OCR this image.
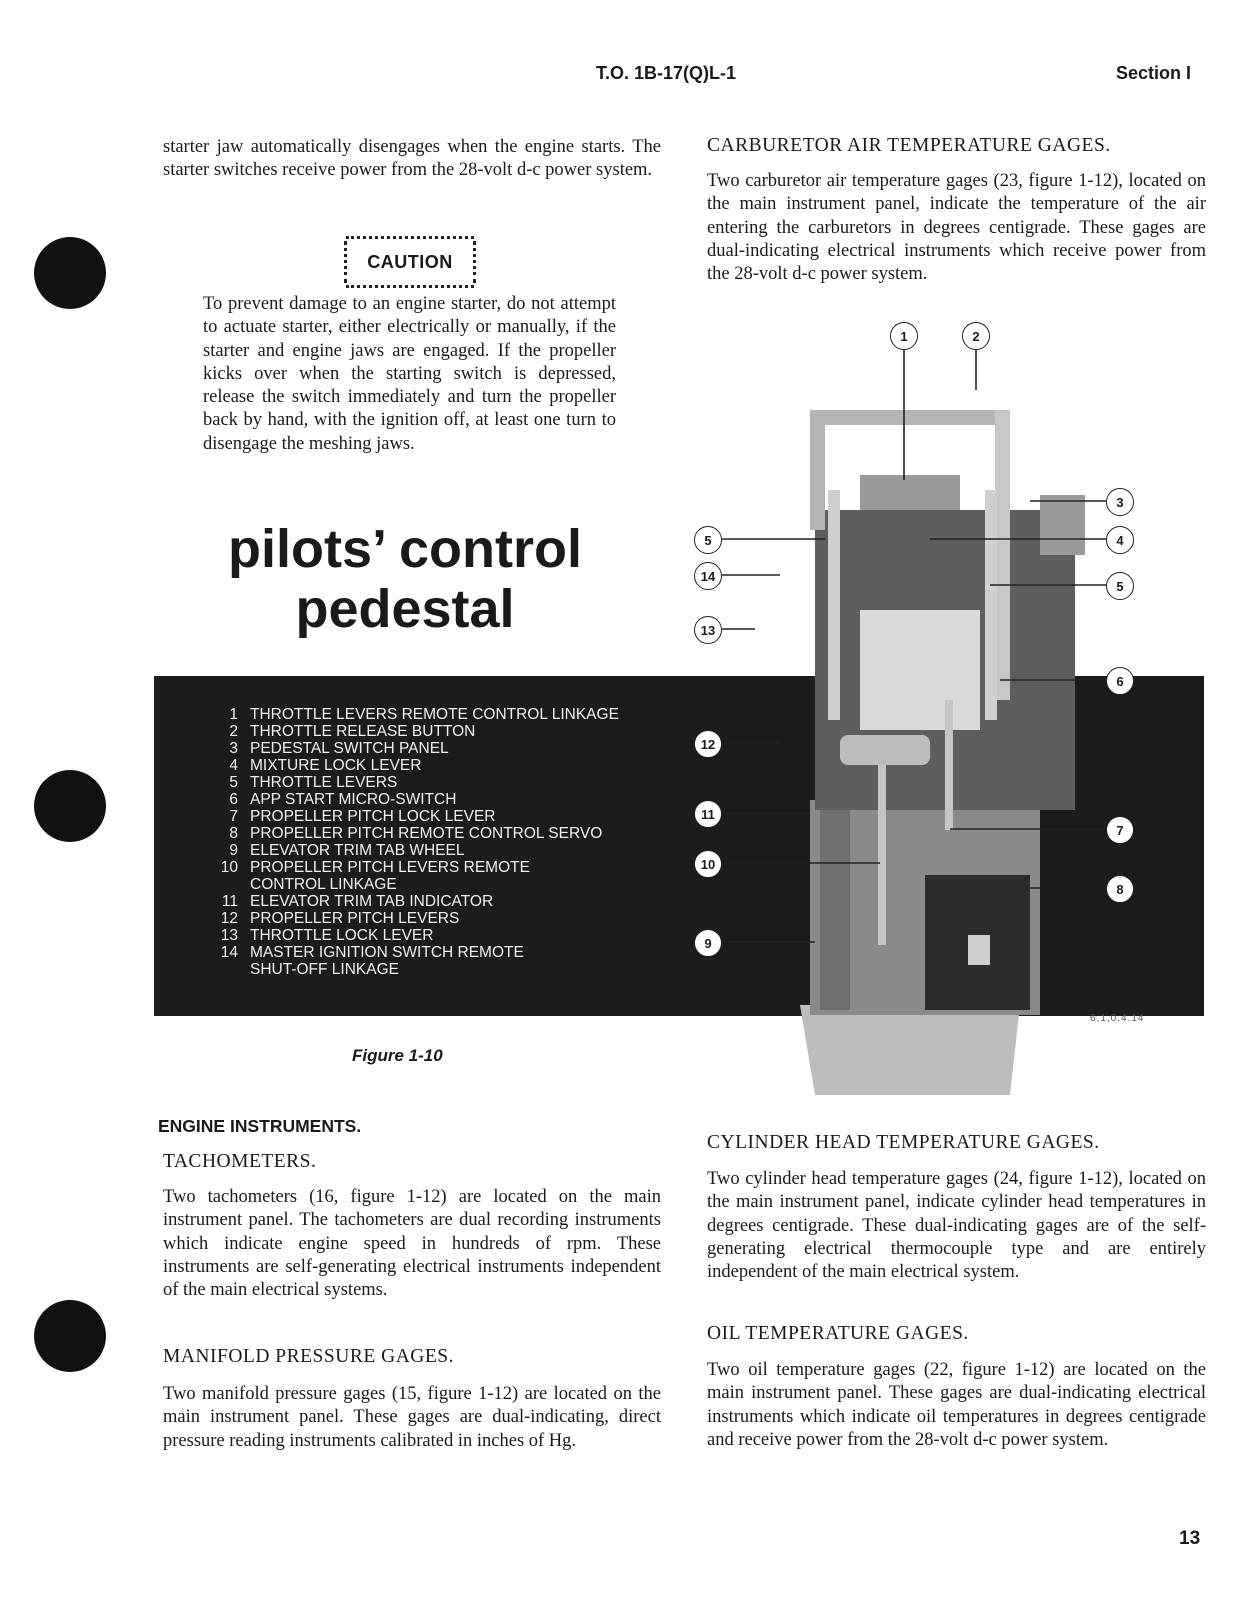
T.O. 1B-17(Q)L-1	Section I
starter jaw automatically disengages when the engine starts. The starter switches receive power from the 28-volt d-c power system.
CAUTION
To prevent damage to an engine starter, do not attempt to actuate starter, either electrically or manually, if the starter and engine jaws are engaged. If the propeller kicks over when the starting switch is depressed, release the switch immediately and turn the propeller back by hand, with the ignition off, at least one turn to disengage the meshing jaws.
pilots’ control
pedestal
CARBURETOR AIR TEMPERATURE GAGES.
Two carburetor air temperature gages (23, figure 1-12), located on the main instrument panel, indicate the temperature of the air entering the carburetors in degrees centigrade. These gages are dual-indicating electrical instruments which receive power from the 28-volt d-c power system.
1	2
3
4
5
5
14
13
6
12
7
11
10
8
9
1 THROTTLE LEVERS REMOTE CONTROL LINKAGE
2 THROTTLE RELEASE BUTTON
3 PEDESTAL SWITCH PANEL
4 MIXTURE LOCK LEVER
5 THROTTLE LEVERS
6 APP START MICRO-SWITCH
7 PROPELLER PITCH LOCK LEVER
8 PROPELLER PITCH REMOTE CONTROL SERVO
9 ELEVATOR TRIM TAB WHEEL
10 PROPELLER PITCH LEVERS REMOTE
CONTROL LINKAGE
11 ELEVATOR TRIM TAB INDICATOR
12 PROPELLER PITCH LEVERS
13 THROTTLE LOCK LEVER
14 MASTER IGNITION SWITCH REMOTE
SHUT-OFF LINKAGE
6,1,0.4.14
Figure 1-10
ENGINE INSTRUMENTS.
TACHOMETERS.
Two tachometers (16, figure 1-12) are located on the main instrument panel. The tachometers are dual recording instruments which indicate engine speed in hundreds of rpm. These instruments are self-generating electrical instruments independent of the main electrical systems.
MANIFOLD PRESSURE GAGES.
Two manifold pressure gages (15, figure 1-12) are located on the main instrument panel. These gages are dual-indicating, direct pressure reading instruments calibrated in inches of Hg.
CYLINDER HEAD TEMPERATURE GAGES.
Two cylinder head temperature gages (24, figure 1-12), located on the main instrument panel, indicate cylinder head temperatures in degrees centigrade. These dual-indicating gages are of the self-generating electrical thermocouple type and are entirely independent of the main electrical system.
OIL TEMPERATURE GAGES.
Two oil temperature gages (22, figure 1-12) are located on the main instrument panel. These gages are dual-indicating electrical instruments which indicate oil temperatures in degrees centigrade and receive power from the 28-volt d-c power system.
13
